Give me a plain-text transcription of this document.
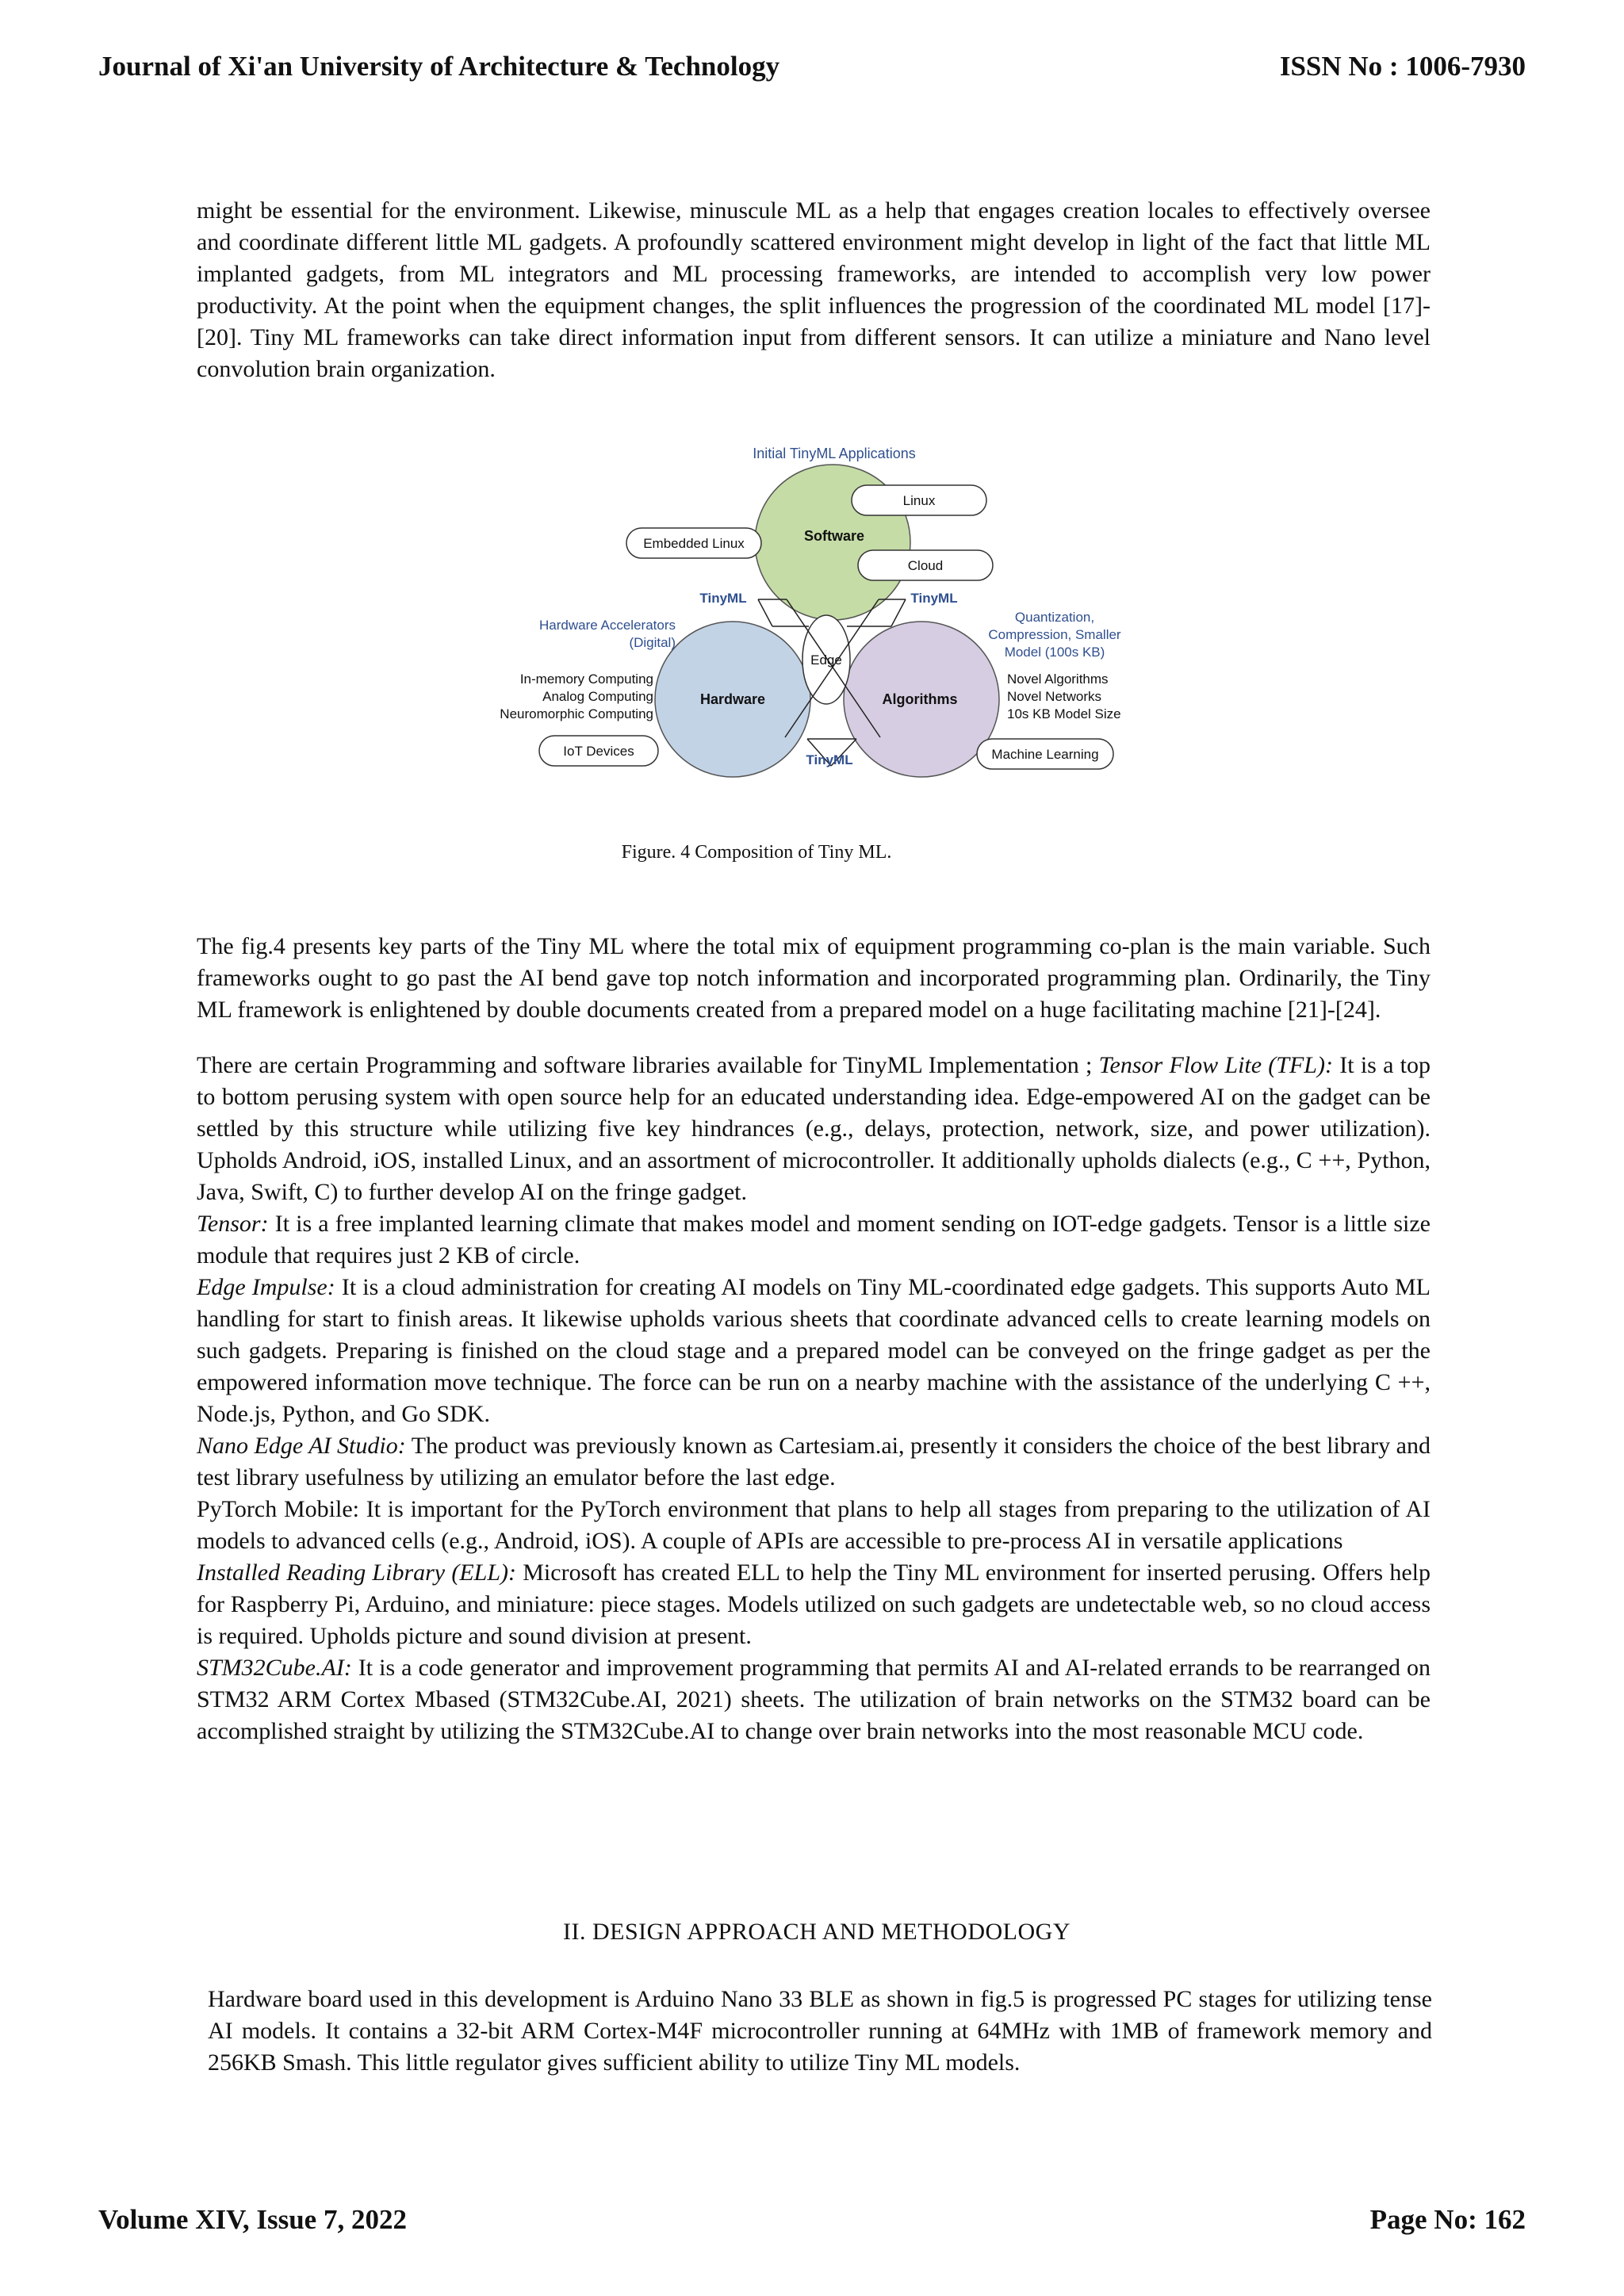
Journal of Xi'an University of Architecture & Technology	ISSN No : 1006-7930

might be essential for the environment. Likewise, minuscule ML as a help that engages creation locales to effectively oversee and coordinate different little ML gadgets. A profoundly scattered environment might develop in light of the fact that little ML implanted gadgets, from ML integrators and ML processing frameworks, are intended to accomplish very low power productivity. At the point when the equipment changes, the split influences the progression of the coordinated ML model [17]-[20]. Tiny ML frameworks can take direct information input from different sensors. It can utilize a miniature and Nano level convolution brain organization.

Initial TinyML Applications
Software
Hardware	Algorithms
Edge
TinyML	TinyML
TinyML
Linux
Cloud
Embedded Linux
IoT Devices	Machine Learning
Hardware Accelerators
(Digital)
In-memory Computing
Analog Computing
Neuromorphic Computing
Quantization,
Compression, Smaller
Model (100s KB)
Novel Algorithms
Novel Networks
10s KB Model Size
Figure. 4 Composition of Tiny ML.

The fig.4 presents key parts of the Tiny ML where the total mix of equipment programming co-plan is the main variable. Such frameworks ought to go past the AI bend gave top notch information and incorporated programming plan. Ordinarily, the Tiny ML framework is enlightened by double documents created from a prepared model on a huge facilitating machine [21]-[24].

There are certain Programming and software libraries available for TinyML Implementation ; Tensor Flow Lite (TFL): It is a top to bottom perusing system with open source help for an educated understanding idea. Edge-empowered AI on the gadget can be settled by this structure while utilizing five key hindrances (e.g., delays, protection, network, size, and power utilization). Upholds Android, iOS, installed Linux, and an assortment of microcontroller. It additionally upholds dialects (e.g., C ++, Python, Java, Swift, C) to further develop AI on the fringe gadget.

Tensor: It is a free implanted learning climate that makes model and moment sending on IOT-edge gadgets. Tensor is a little size module that requires just 2 KB of circle.

Edge Impulse: It is a cloud administration for creating AI models on Tiny ML-coordinated edge gadgets. This supports Auto ML handling for start to finish areas. It likewise upholds various sheets that coordinate advanced cells to create learning models on such gadgets. Preparing is finished on the cloud stage and a prepared model can be conveyed on the fringe gadget as per the empowered information move technique. The force can be run on a nearby machine with the assistance of the underlying C ++, Node.js, Python, and Go SDK.

Nano Edge AI Studio: The product was previously known as Cartesiam.ai, presently it considers the choice of the best library and test library usefulness by utilizing an emulator before the last edge.

PyTorch Mobile: It is important for the PyTorch environment that plans to help all stages from preparing to the utilization of AI models to advanced cells (e.g., Android, iOS). A couple of APIs are accessible to pre-process AI in versatile applications

Installed Reading Library (ELL): Microsoft has created ELL to help the Tiny ML environment for inserted perusing. Offers help for Raspberry Pi, Arduino, and miniature: piece stages. Models utilized on such gadgets are undetectable web, so no cloud access is required. Upholds picture and sound division at present.

STM32Cube.AI: It is a code generator and improvement programming that permits AI and AI-related errands to be rearranged on STM32 ARM Cortex Mbased (STM32Cube.AI, 2021) sheets. The utilization of brain networks on the STM32 board can be accomplished straight by utilizing the STM32Cube.AI to change over brain networks into the most reasonable MCU code.

II. DESIGN APPROACH AND METHODOLOGY

Hardware board used in this development is Arduino Nano 33 BLE as shown in fig.5 is progressed PC stages for utilizing tense AI models. It contains a 32-bit ARM Cortex-M4F microcontroller running at 64MHz with 1MB of framework memory and 256KB Smash. This little regulator gives sufficient ability to utilize Tiny ML models.

Volume XIV, Issue 7, 2022	Page No: 162
